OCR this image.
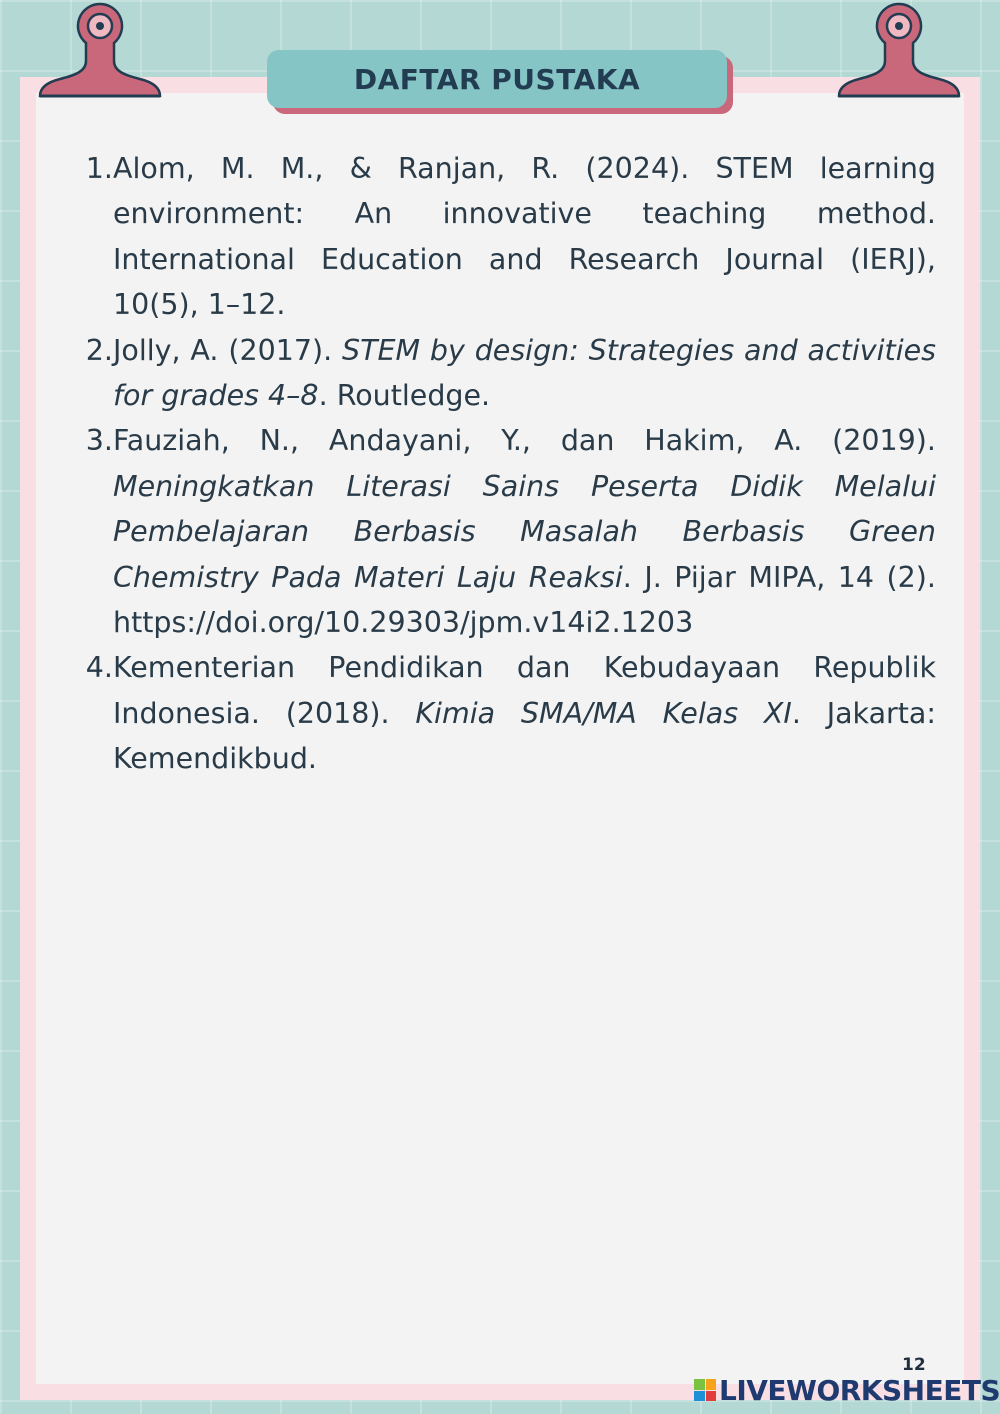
DAFTAR PUSTAKA
1. Alom, M. M., & Ranjan, R. (2024). STEM learning environment: An innovative teaching method. International Education and Research Journal (IERJ), 10(5), 1–12.
2. Jolly, A. (2017). STEM by design: Strategies and activities for grades 4–8. Routledge.
3. Fauziah, N., Andayani, Y., dan Hakim, A. (2019). Meningkatkan Literasi Sains Peserta Didik Melalui Pembelajaran Berbasis Masalah Berbasis Green Chemistry Pada Materi Laju Reaksi. J. Pijar MIPA, 14 (2). https://doi.org/10.29303/jpm.v14i2.1203
4. Kementerian Pendidikan dan Kebudayaan Republik Indonesia. (2018). Kimia SMA/MA Kelas XI. Jakarta: Kemendikbud.
12
LIVEWORKSHEETS
